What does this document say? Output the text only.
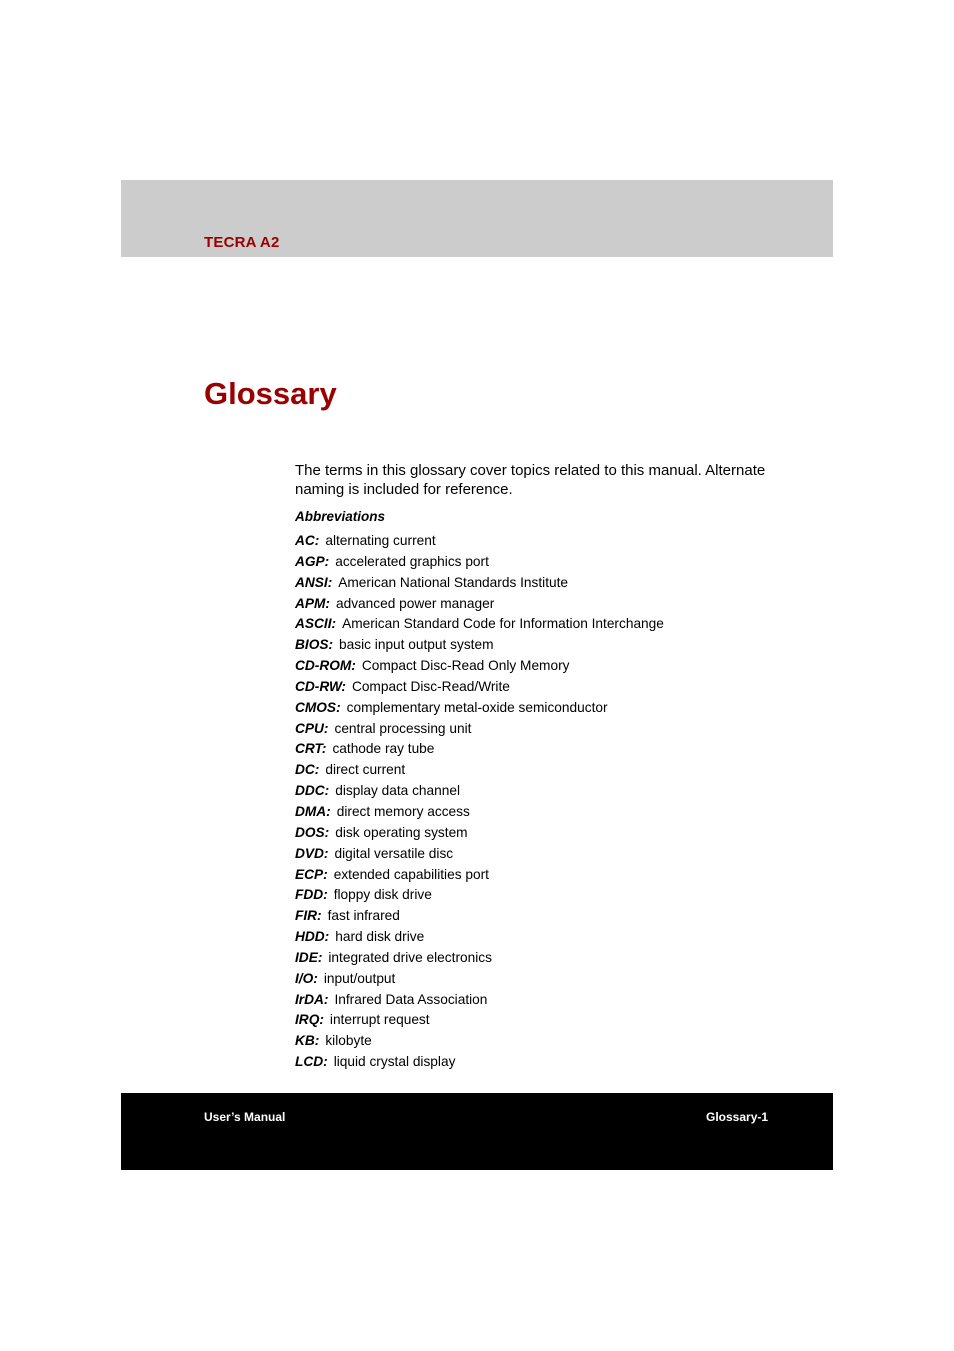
TECRA A2
Glossary

The terms in this glossary cover topics related to this manual. Alternate naming is included for reference.

Abbreviations
AC: alternating current
AGP: accelerated graphics port
ANSI: American National Standards Institute
APM: advanced power manager
ASCII: American Standard Code for Information Interchange
BIOS: basic input output system
CD-ROM: Compact Disc-Read Only Memory
CD-RW: Compact Disc-Read/Write
CMOS: complementary metal-oxide semiconductor
CPU: central processing unit
CRT: cathode ray tube
DC: direct current
DDC: display data channel
DMA: direct memory access
DOS: disk operating system
DVD: digital versatile disc
ECP: extended capabilities port
FDD: floppy disk drive
FIR: fast infrared
HDD: hard disk drive
IDE: integrated drive electronics
I/O: input/output
IrDA: Infrared Data Association
IRQ: interrupt request
KB: kilobyte
LCD: liquid crystal display
User’s Manual	Glossary-1
